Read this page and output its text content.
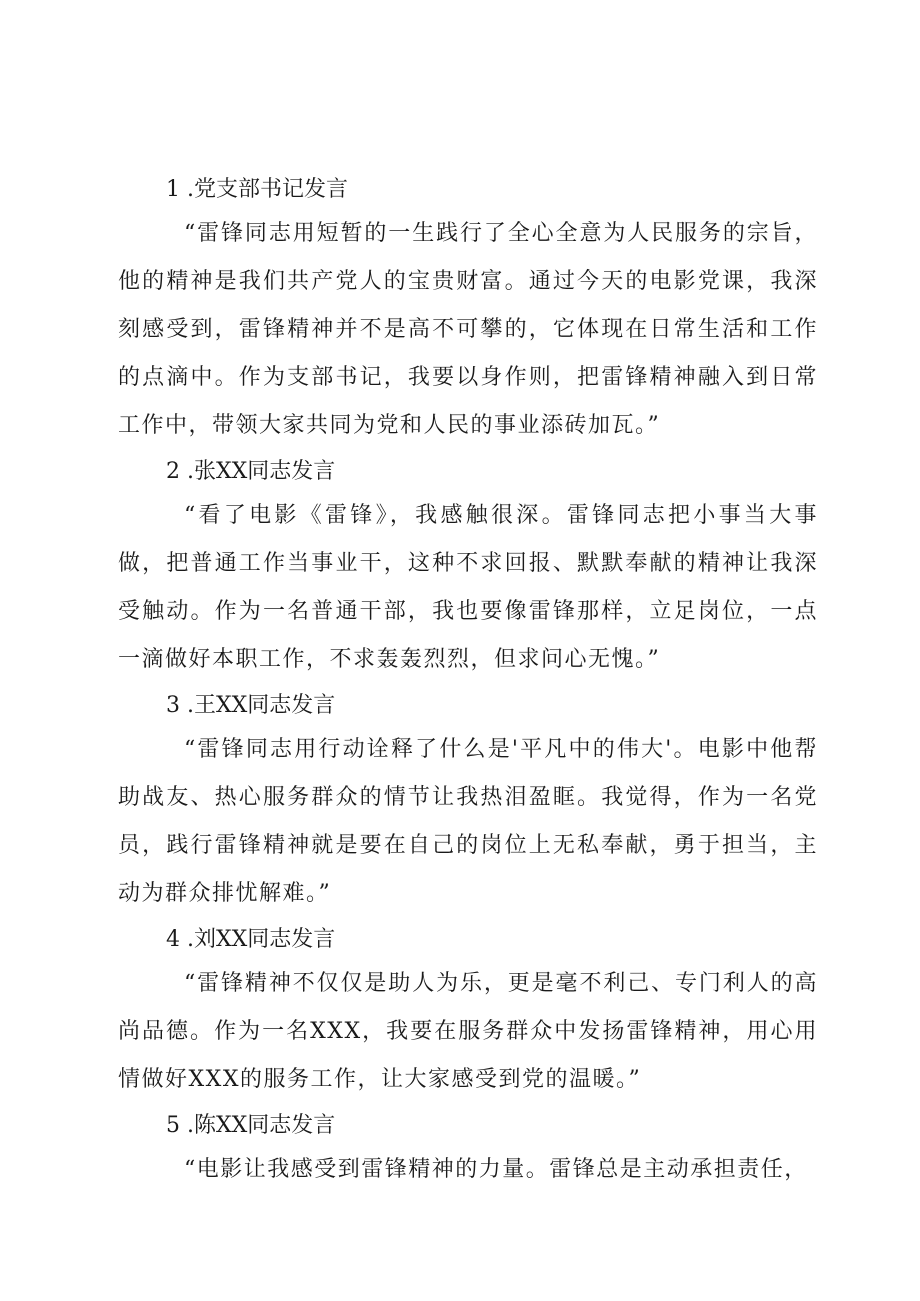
1 .党支部书记发言

“雷锋同志用短暂的一生践行了全心全意为人民服务的宗旨，他的精神是我们共产党人的宝贵财富。通过今天的电影党课，我深刻感受到，雷锋精神并不是高不可攀的，它体现在日常生活和工作的点滴中。作为支部书记，我要以身作则，把雷锋精神融入到日常工作中，带领大家共同为党和人民的事业添砖加瓦。”

2 .张XX同志发言

“看了电影《雷锋》，我感触很深。雷锋同志把小事当大事做，把普通工作当事业干，这种不求回报、默默奉献的精神让我深受触动。作为一名普通干部，我也要像雷锋那样，立足岗位，一点一滴做好本职工作，不求轰轰烈烈，但求问心无愧。”

3 .王XX同志发言

“雷锋同志用行动诠释了什么是'平凡中的伟大'。电影中他帮助战友、热心服务群众的情节让我热泪盈眶。我觉得，作为一名党员，践行雷锋精神就是要在自己的岗位上无私奉献，勇于担当，主动为群众排忧解难。”

4 .刘XX同志发言

“雷锋精神不仅仅是助人为乐，更是毫不利己、专门利人的高尚品德。作为一名XXX，我要在服务群众中发扬雷锋精神，用心用情做好XXX的服务工作，让大家感受到党的温暖。”

5 .陈XX同志发言

“电影让我感受到雷锋精神的力量。雷锋总是主动承担责任，
